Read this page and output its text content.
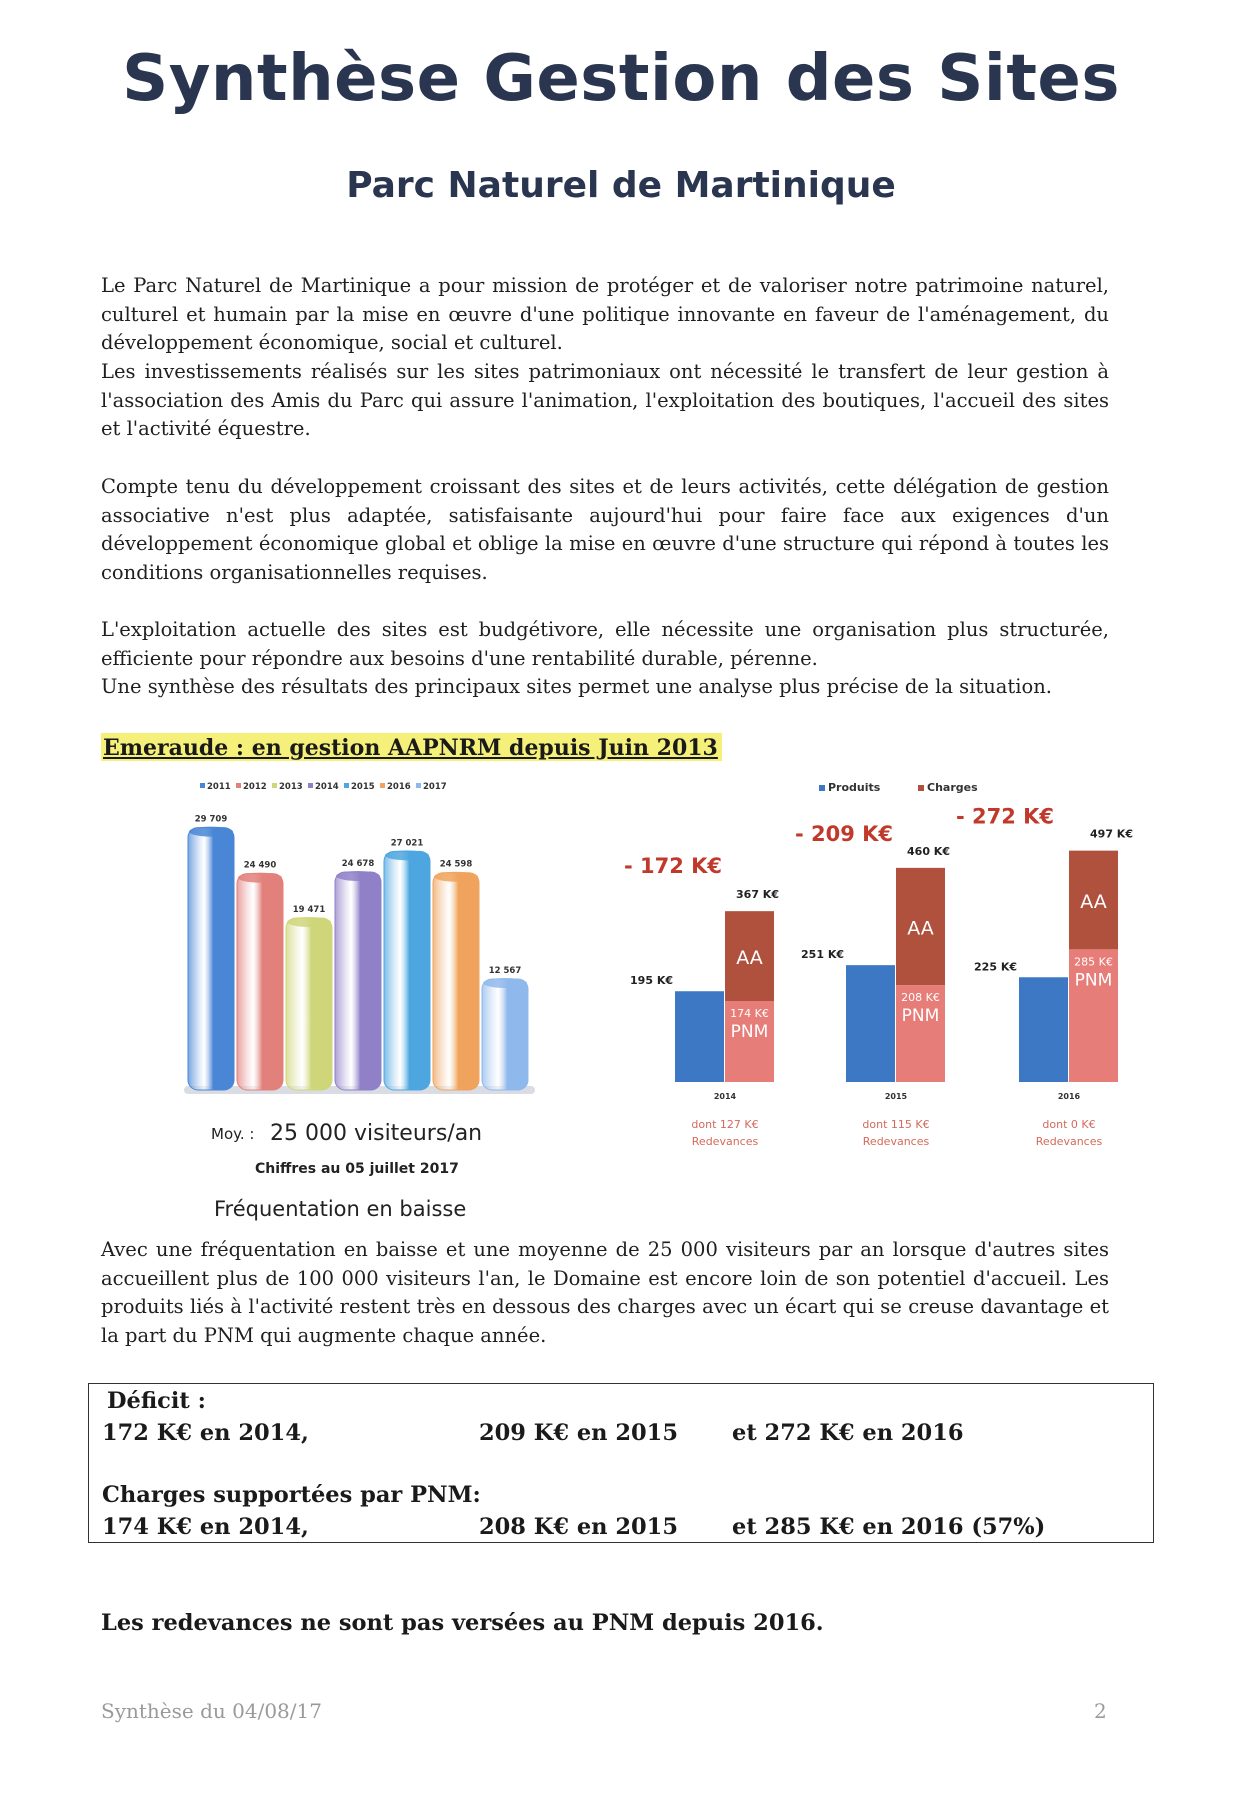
Synthèse Gestion des Sites
Parc Naturel de Martinique

Le Parc Naturel de Martinique a pour mission de protéger et de valoriser notre patrimoine naturel, culturel et humain par la mise en œuvre d'une politique innovante en faveur de l'aménagement, du développement économique, social et culturel.

Les investissements réalisés sur les sites patrimoniaux ont nécessité le transfert de leur gestion à l'association des Amis du Parc qui assure l'animation, l'exploitation des boutiques, l'accueil des sites et l'activité équestre.

Compte tenu du développement croissant des sites et de leurs activités, cette délégation de gestion associative n'est plus adaptée, satisfaisante aujourd'hui pour faire face aux exigences d'un développement économique global et oblige la mise en œuvre d'une structure qui répond à toutes les conditions organisationnelles requises.

L'exploitation actuelle des sites est budgétivore, elle nécessite une organisation plus structurée, efficiente pour répondre aux besoins d'une rentabilité durable, pérenne.

Une synthèse des résultats des principaux sites permet une analyse plus précise de la situation.

Emeraude : en gestion AAPNRM depuis Juin 2013
2011 2012 2013 2014 2015 2016 2017
29 709
24 490
19 471
24 678
27 021
24 598
12 567
Moy. : 25 000 visiteurs/an
Chiffres au 05 juillet 2017
Fréquentation en baisse
Produits	Charges
195 K€
AA
174 K€
PNM
367 K€
- 172 K€
2014
dont 127 K€
Redevances
251 K€
AA
208 K€
PNM
460 K€
- 209 K€
2015
dont 115 K€
Redevances
225 K€
AA
285 K€
PNM
497 K€
- 272 K€
2016
dont 0 K€
Redevances

Avec une fréquentation en baisse et une moyenne de 25 000 visiteurs par an lorsque d'autres sites accueillent plus de 100 000 visiteurs l'an, le Domaine est encore loin de son potentiel d'accueil. Les produits liés à l'activité restent très en dessous des charges avec un écart qui se creuse davantage et la part du PNM qui augmente chaque année.

Déficit :
172 K€ en 2014,	209 K€ en 2015 et 272 K€ en 2016
Charges supportées par PNM:
174 K€ en 2014,	208 K€ en 2015 et 285 K€ en 2016 (57%)
Les redevances ne sont pas versées au PNM depuis 2016.
Synthèse du 04/08/17	2
